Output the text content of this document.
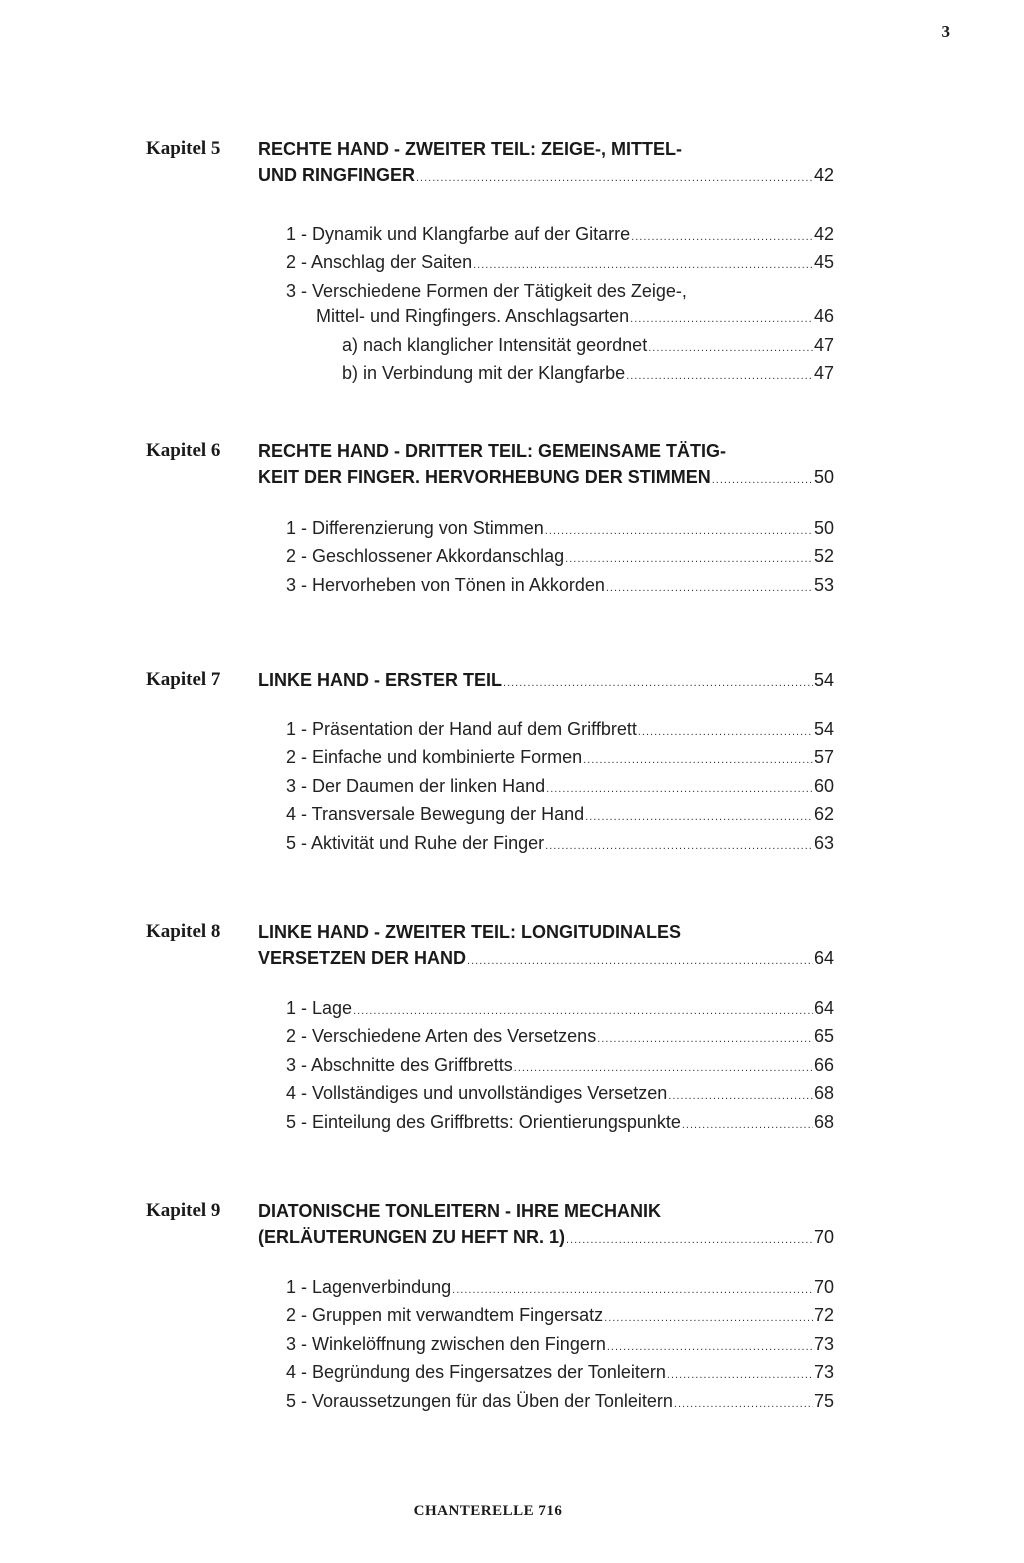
3
Kapitel 5 RECHTE HAND - ZWEITER TEIL: ZEIGE-, MITTEL-
UND RINGFINGER .....	42
1 - Dynamik und Klangfarbe auf der Gitarre .....	42
2 - Anschlag der Saiten .....	45
3 - Verschiedene Formen der Tätigkeit des Zeige-,
Mittel- und Ringfingers. Anschlagsarten .....	46
a) nach klanglicher Intensität geordnet .....	47
b) in Verbindung mit der Klangfarbe .....	47
Kapitel 6 RECHTE HAND - DRITTER TEIL: GEMEINSAME TÄTIG-
KEIT DER FINGER. HERVORHEBUNG DER STIMMEN .....	50
1 - Differenzierung von Stimmen .....	50
2 - Geschlossener Akkordanschlag .....	52
3 - Hervorheben von Tönen in Akkorden .....	53
Kapitel 7 LINKE HAND - ERSTER TEIL .....	54
1 - Präsentation der Hand auf dem Griffbrett .....	54
2 - Einfache und kombinierte Formen .....	57
3 - Der Daumen der linken Hand .....	60
4 - Transversale Bewegung der Hand .....	62
5 - Aktivität und Ruhe der Finger .....	63
Kapitel 8 LINKE HAND - ZWEITER TEIL: LONGITUDINALES
VERSETZEN DER HAND .....	64
1 - Lage .....	64
2 - Verschiedene Arten des Versetzens .....	65
3 - Abschnitte des Griffbretts .....	66
4 - Vollständiges und unvollständiges Versetzen .....	68
5 - Einteilung des Griffbretts: Orientierungspunkte .....	68
Kapitel 9 DIATONISCHE TONLEITERN - IHRE MECHANIK
(ERLÄUTERUNGEN ZU HEFT NR. 1) .....	70
1 - Lagenverbindung .....	70
2 - Gruppen mit verwandtem Fingersatz .....	72
3 - Winkelöffnung zwischen den Fingern .....	73
4 - Begründung des Fingersatzes der Tonleitern .....	73
5 - Voraussetzungen für das Üben der Tonleitern .....	75
CHANTERELLE 716
